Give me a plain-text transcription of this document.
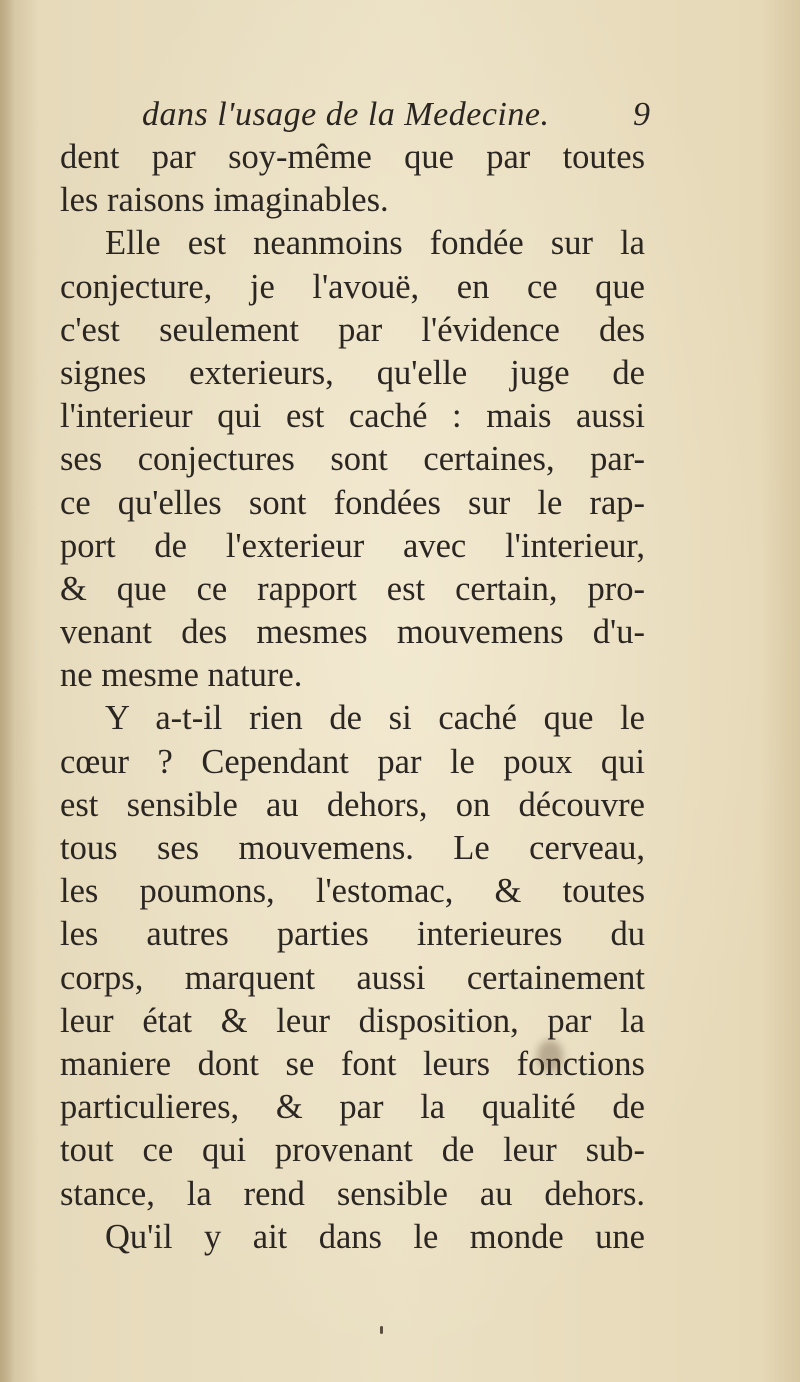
dans l'usage de la Medecine. 9
dent par soy-même que par toutes
les raisons imaginables.
Elle est neanmoins fondée sur la
conjecture, je l'avouë, en ce que
c'est seulement par l'évidence des
signes exterieurs, qu'elle juge de
l'interieur qui est caché : mais aussi
ses conjectures sont certaines, par-
ce qu'elles sont fondées sur le rap-
port de l'exterieur avec l'interieur,
& que ce rapport est certain, pro-
venant des mesmes mouvemens d'u-
ne mesme nature.
Y a-t-il rien de si caché que le
cœur ? Cependant par le poux qui
est sensible au dehors, on découvre
tous ses mouvemens. Le cerveau,
les poumons, l'estomac, & toutes
les autres parties interieures du
corps, marquent aussi certainement
leur état & leur disposition, par la
maniere dont se font leurs fonctions
particulieres, & par la qualité de
tout ce qui provenant de leur sub-
stance, la rend sensible au dehors.
Qu'il y ait dans le monde une
